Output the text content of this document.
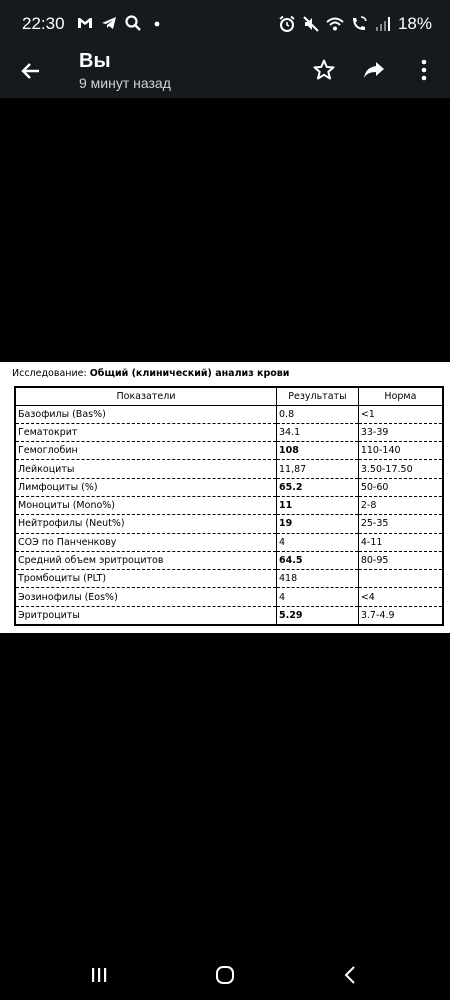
22:30	18%
Вы
9 минут назад
Исследование: Общий (клинический) анализ крови
Показатели	Результаты	Норма
Базофилы (Bas%)	0.8	<1
Гематокрит	34.1	33-39
Гемоглобин	108	110-140
Лейкоциты	11,87	3.50-17.50
Лимфоциты (%)	65.2	50-60
Моноциты (Mono%)	11	2-8
Нейтрофилы (Neut%)	19	25-35
СОЭ по Панченкову	4	4-11
Средний объем эритроцитов	64.5	80-95
Тромбоциты (PLT)	418	
Эозинофилы (Eos%)	4	<4
Эритроциты	5.29	3.7-4.9
